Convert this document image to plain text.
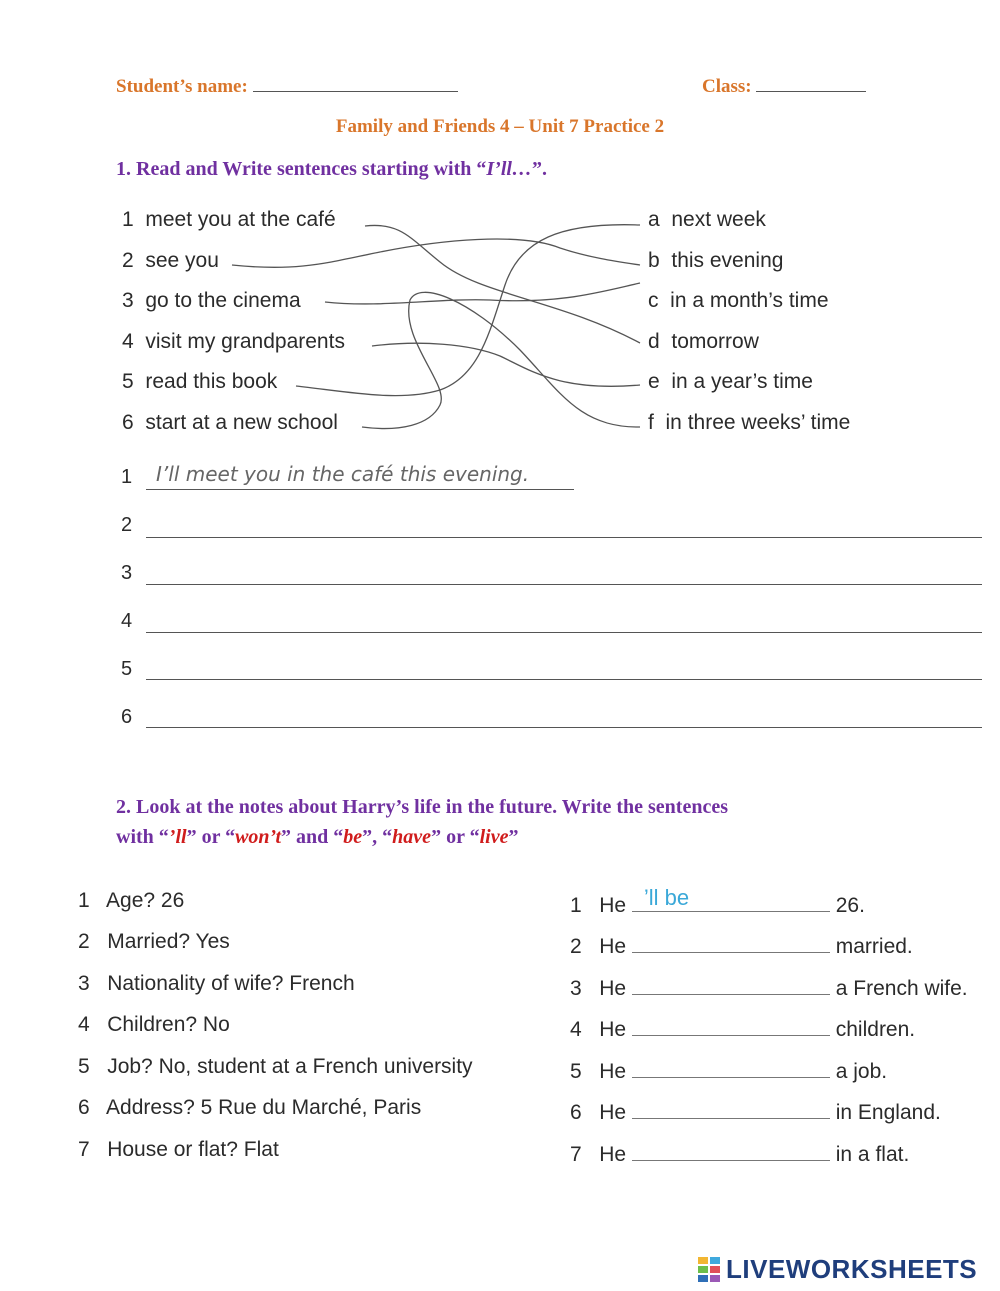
Student’s name:	Class:
Family and Friends 4 – Unit 7 Practice 2
1. Read and Write sentences starting with “I’ll…”.
1 meet you at the café
2 see you
3 go to the cinema
4 visit my grandparents
5 read this book
6 start at a new school
a next week
b this evening
c in a month’s time
d tomorrow
e in a year’s time
f in three weeks’ time
1 I’ll meet you in the café this evening.
2
3
4
5
6
2. Look at the notes about Harry’s life in the future. Write the sentences
with “’ll” or “won’t” and “be”, “have” or “live”
1 Age? 26
2 Married? Yes
3 Nationality of wife? French
4 Children? No
5 Job? No, student at a French university
6 Address? 5 Rue du Marché, Paris
7 House or flat? Flat
1 He ’ll be	26.
2 He	married.
3 He	a French wife.
4 He	children.
5 He	a job.
6 He	in England.
7 He	in a flat.
LIVEWORKSHEETS
